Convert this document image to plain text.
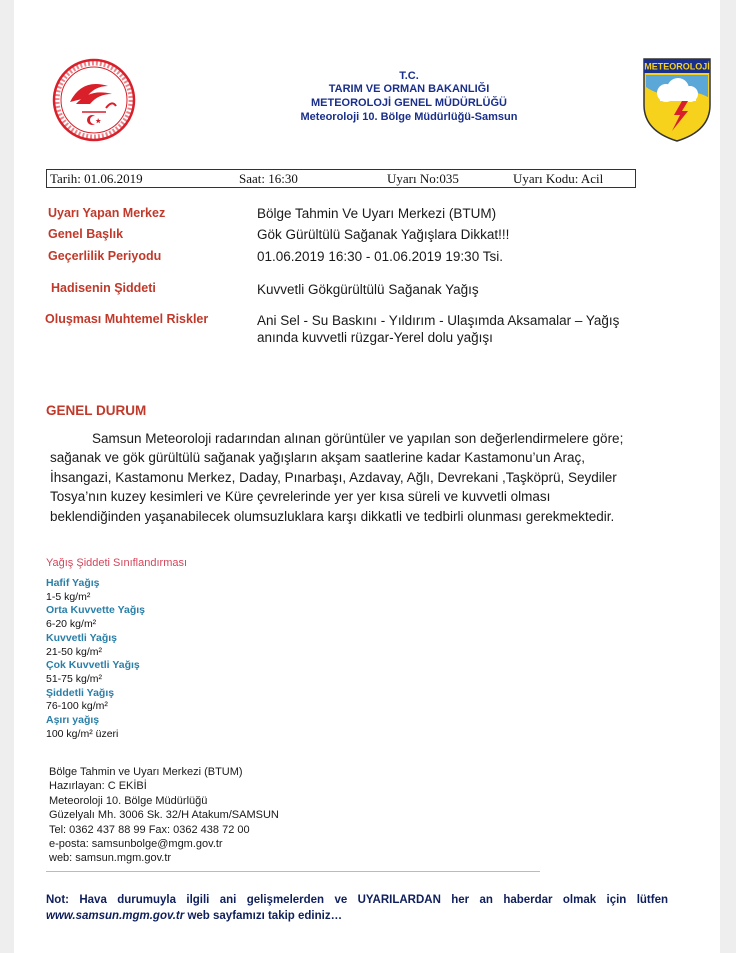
T.C.
TARIM VE ORMAN BAKANLIĞI
METEOROLOJİ GENEL MÜDÜRLÜĞÜ
Meteoroloji 10. Bölge Müdürlüğü-Samsun
METEOROLOJİ
Tarih: 01.06.2019	Saat: 16:30	Uyarı No:035	Uyarı Kodu: Acil
Uyarı Yapan Merkez	Bölge Tahmin Ve Uyarı Merkezi (BTUM)
Genel Başlık	Gök Gürültülü Sağanak Yağışlara Dikkat!!!
Geçerlilik Periyodu	01.06.2019 16:30 - 01.06.2019 19:30 Tsi.
Hadisenin Şiddeti	Kuvvetli Gökgürültülü Sağanak Yağış
Oluşması Muhtemel Riskler	Ani Sel - Su Baskını - Yıldırım - Ulaşımda Aksamalar – Yağış
anında kuvvetli rüzgar-Yerel dolu yağışı
GENEL DURUM
Samsun Meteoroloji radarından alınan görüntüler ve yapılan son değerlendirmelere göre;
sağanak ve gök gürültülü sağanak yağışların akşam saatlerine kadar Kastamonu’un Araç,
İhsangazi, Kastamonu Merkez, Daday, Pınarbaşı, Azdavay, Ağlı, Devrekani ,Taşköprü, Seydiler
Tosya’nın kuzey kesimleri ve Küre çevrelerinde yer yer kısa süreli ve kuvvetli olması
beklendiğinden yaşanabilecek olumsuzluklara karşı dikkatli ve tedbirli olunması gerekmektedir.
Yağış Şiddeti Sınıflandırması
Hafif Yağış
1-5 kg/m²
Orta Kuvvette Yağış
6-20 kg/m²
Kuvvetli Yağış
21-50 kg/m²
Çok Kuvvetli Yağış
51-75 kg/m²
Şiddetli Yağış
76-100 kg/m²
Aşırı yağış
100 kg/m² üzeri
Bölge Tahmin ve Uyarı Merkezi (BTUM)
Hazırlayan: C EKİBİ
Meteoroloji 10. Bölge Müdürlüğü
Güzelyalı Mh. 3006 Sk. 32/H Atakum/SAMSUN
Tel: 0362 437 88 99 Fax: 0362 438 72 00
e-posta: samsunbolge@mgm.gov.tr
web: samsun.mgm.gov.tr
Not: Hava durumuyla ilgili ani gelişmelerden ve UYARILARDAN her an haberdar olmak için lütfen www.samsun.mgm.gov.tr web sayfamızı takip ediniz…
